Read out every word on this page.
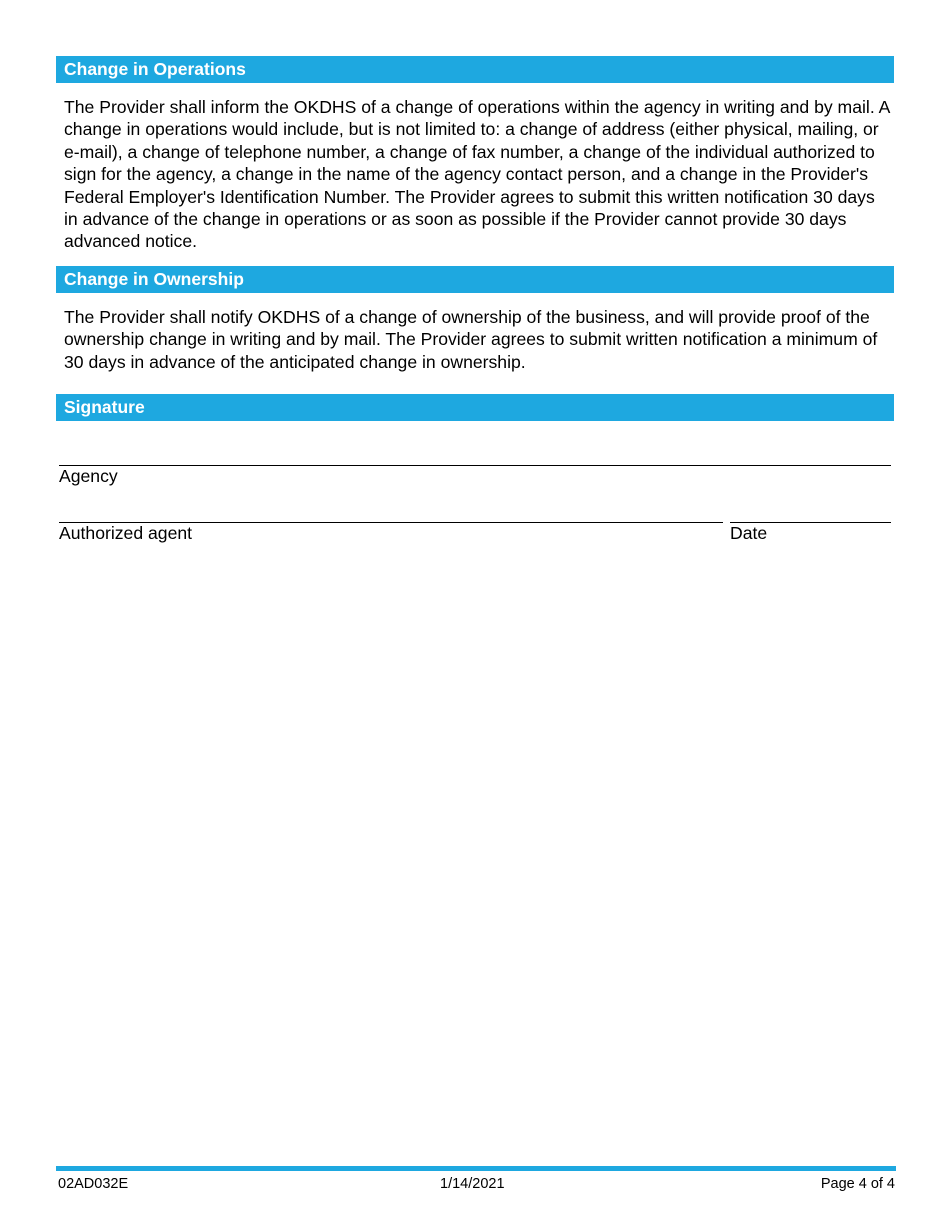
Change in Operations
The Provider shall inform the OKDHS of a change of operations within the agency in writing and by mail. A change in operations would include, but is not limited to: a change of address (either physical, mailing, or e-mail), a change of telephone number, a change of fax number, a change of the individual authorized to sign for the agency, a change in the name of the agency contact person, and a change in the Provider's Federal Employer's Identification Number. The Provider agrees to submit this written notification 30 days in advance of the change in operations or as soon as possible if the Provider cannot provide 30 days advanced notice.
Change in Ownership
The Provider shall notify OKDHS of a change of ownership of the business, and will provide proof of the ownership change in writing and by mail. The Provider agrees to submit written notification a minimum of 30 days in advance of the anticipated change in ownership.
Signature
Agency
Authorized agent	Date
02AD032E	1/14/2021	Page 4 of 4
